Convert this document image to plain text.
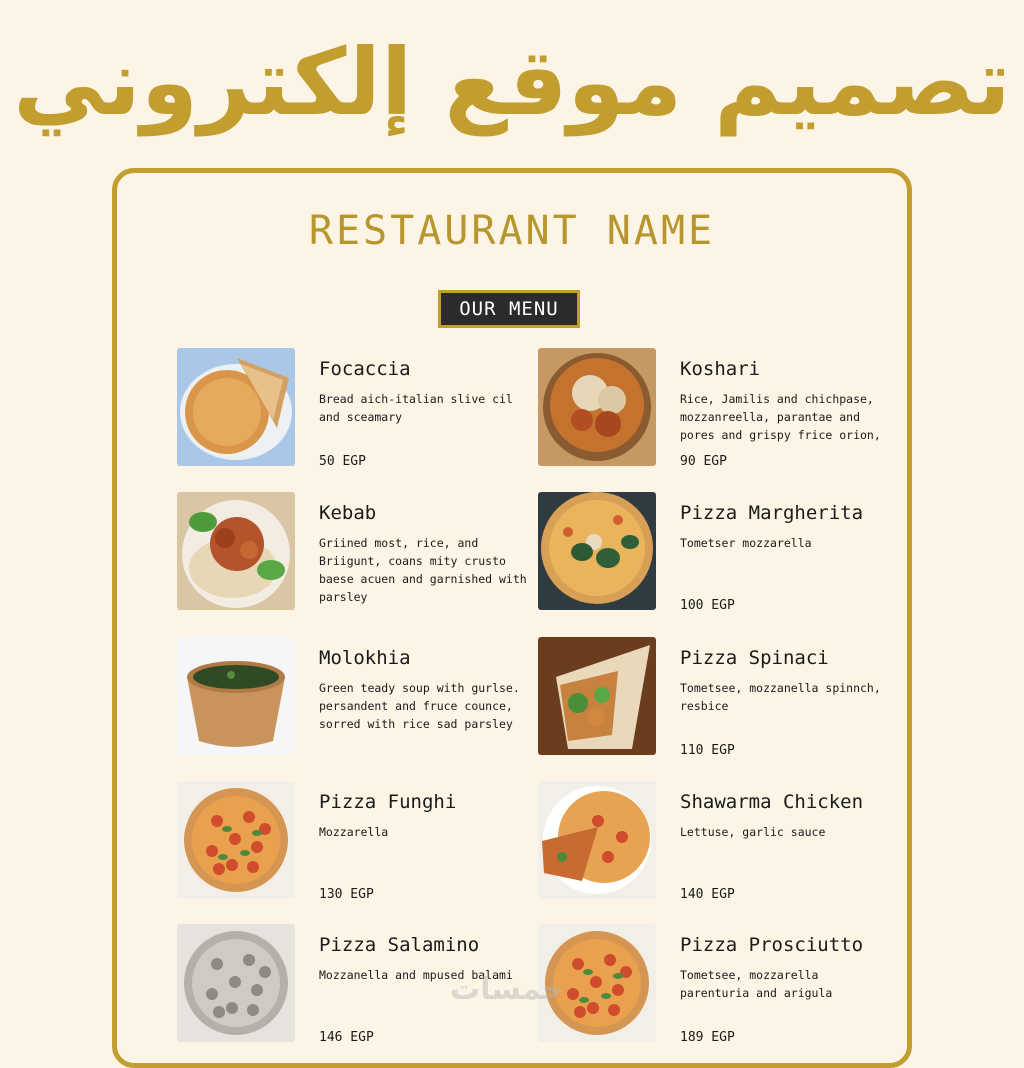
تصميم موقع إلكتروني
RESTAURANT NAME
OUR MENU
Focaccia
Bread aich-italian slive cil and sceamary
50 EGP
Koshari
Rice, Jamilis and chichpase, mozzanreella, parantae and pores and grispy frice orion,
90 EGP
Kebab
Griined most, rice, and Briigunt, coans mity crusto baese acuen and garnished with parsley
Pizza Margherita
Tometser mozzarella
100 EGP
Molokhia
Green teady soup with gurlse. persandent and fruce counce, sorred with rice sad parsley
Pizza Spinaci
Tometsee, mozzanella spinnch, resbice
110 EGP
Pizza Funghi
Mozzarella
130 EGP
Shawarma Chicken
Lettuse, garlic sauce
140 EGP
Pizza Salamino
Mozzanella and mpused balami
146 EGP
Pizza Prosciutto
Tometsee, mozzarella parenturia and arigula
189 EGP
خمسات
